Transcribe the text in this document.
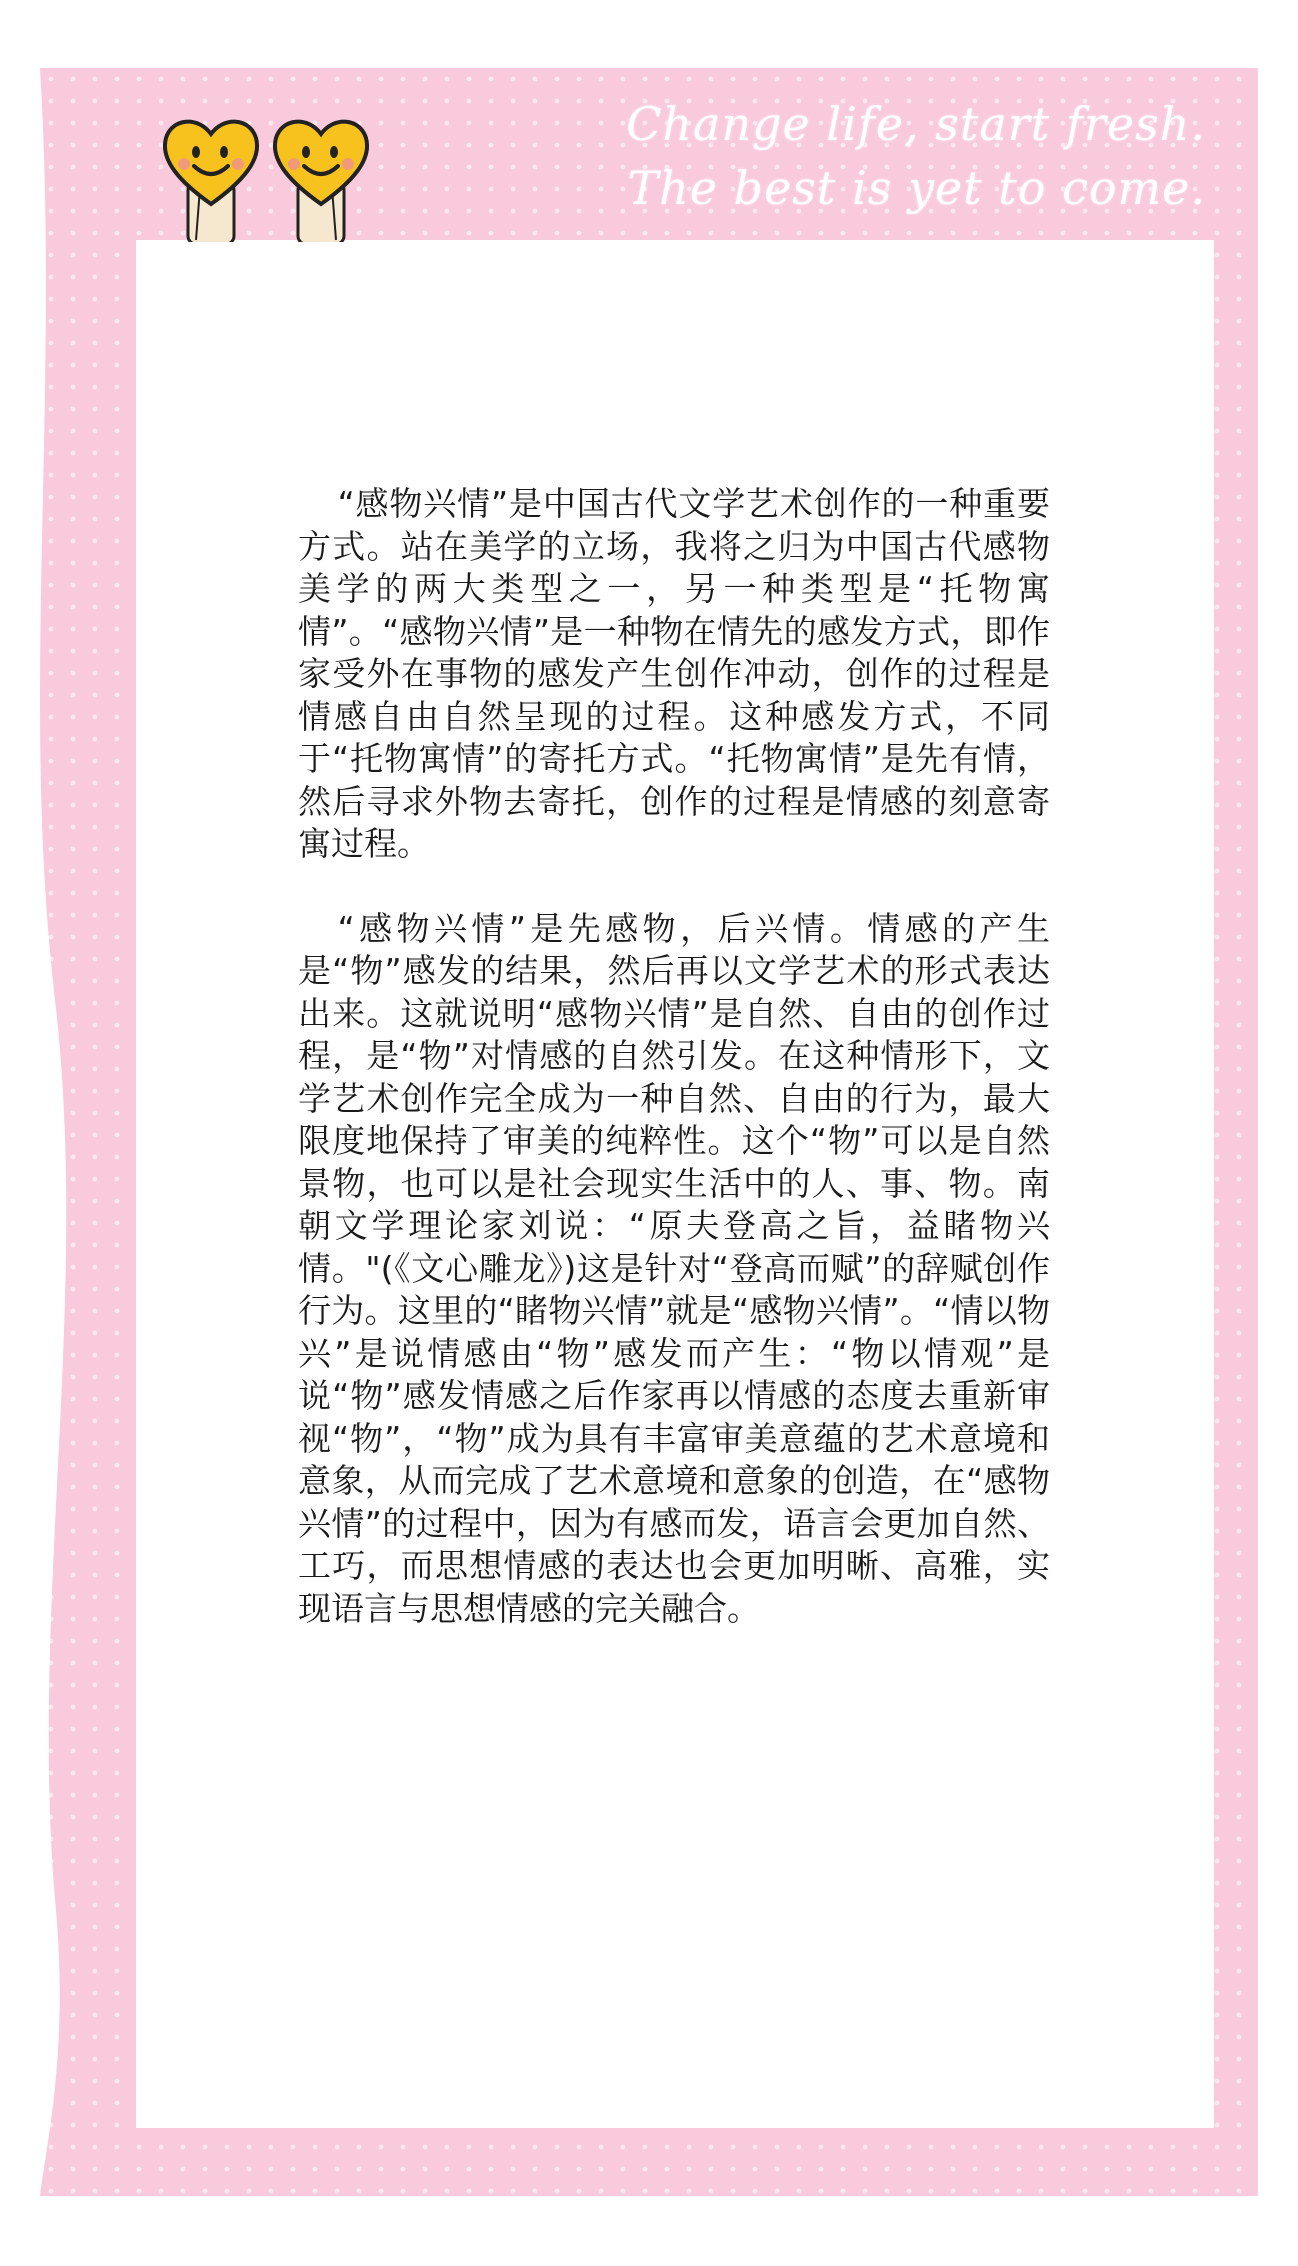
Change life, start fresh.
The best is yet to come.

“感物兴情”是中国古代文学艺术创作的一种重要方式。站在美学的立场，我将之归为中国古代感物美学的两大类型之一，另一种类型是“托物寓情”。“感物兴情”是一种物在情先的感发方式，即作家受外在事物的感发产生创作冲动，创作的过程是情感自由自然呈现的过程。这种感发方式，不同于“托物寓情”的寄托方式。“托物寓情”是先有情，然后寻求外物去寄托，创作的过程是情感的刻意寄寓过程。

“感物兴情”是先感物，后兴情。情感的产生是“物”感发的结果，然后再以文学艺术的形式表达出来。这就说明“感物兴情”是自然、自由的创作过程，是“物”对情感的自然引发。在这种情形下，文学艺术创作完全成为一种自然、自由的行为，最大限度地保持了审美的纯粹性。这个“物”可以是自然景物，也可以是社会现实生活中的人、事、物。南朝文学理论家刘说：“原夫登高之旨，益睹物兴情。"(《文心雕龙》)这是针对“登高而赋”的辞赋创作行为。这里的“睹物兴情”就是“感物兴情”。“情以物兴”是说情感由“物”感发而产生：“物以情观”是说“物”感发情感之后作家再以情感的态度去重新审视“物”，“物”成为具有丰富审美意蕴的艺术意境和意象，从而完成了艺术意境和意象的创造，在“感物兴情”的过程中，因为有感而发，语言会更加自然、工巧，而思想情感的表达也会更加明晰、高雅，实现语言与思想情感的完关融合。
